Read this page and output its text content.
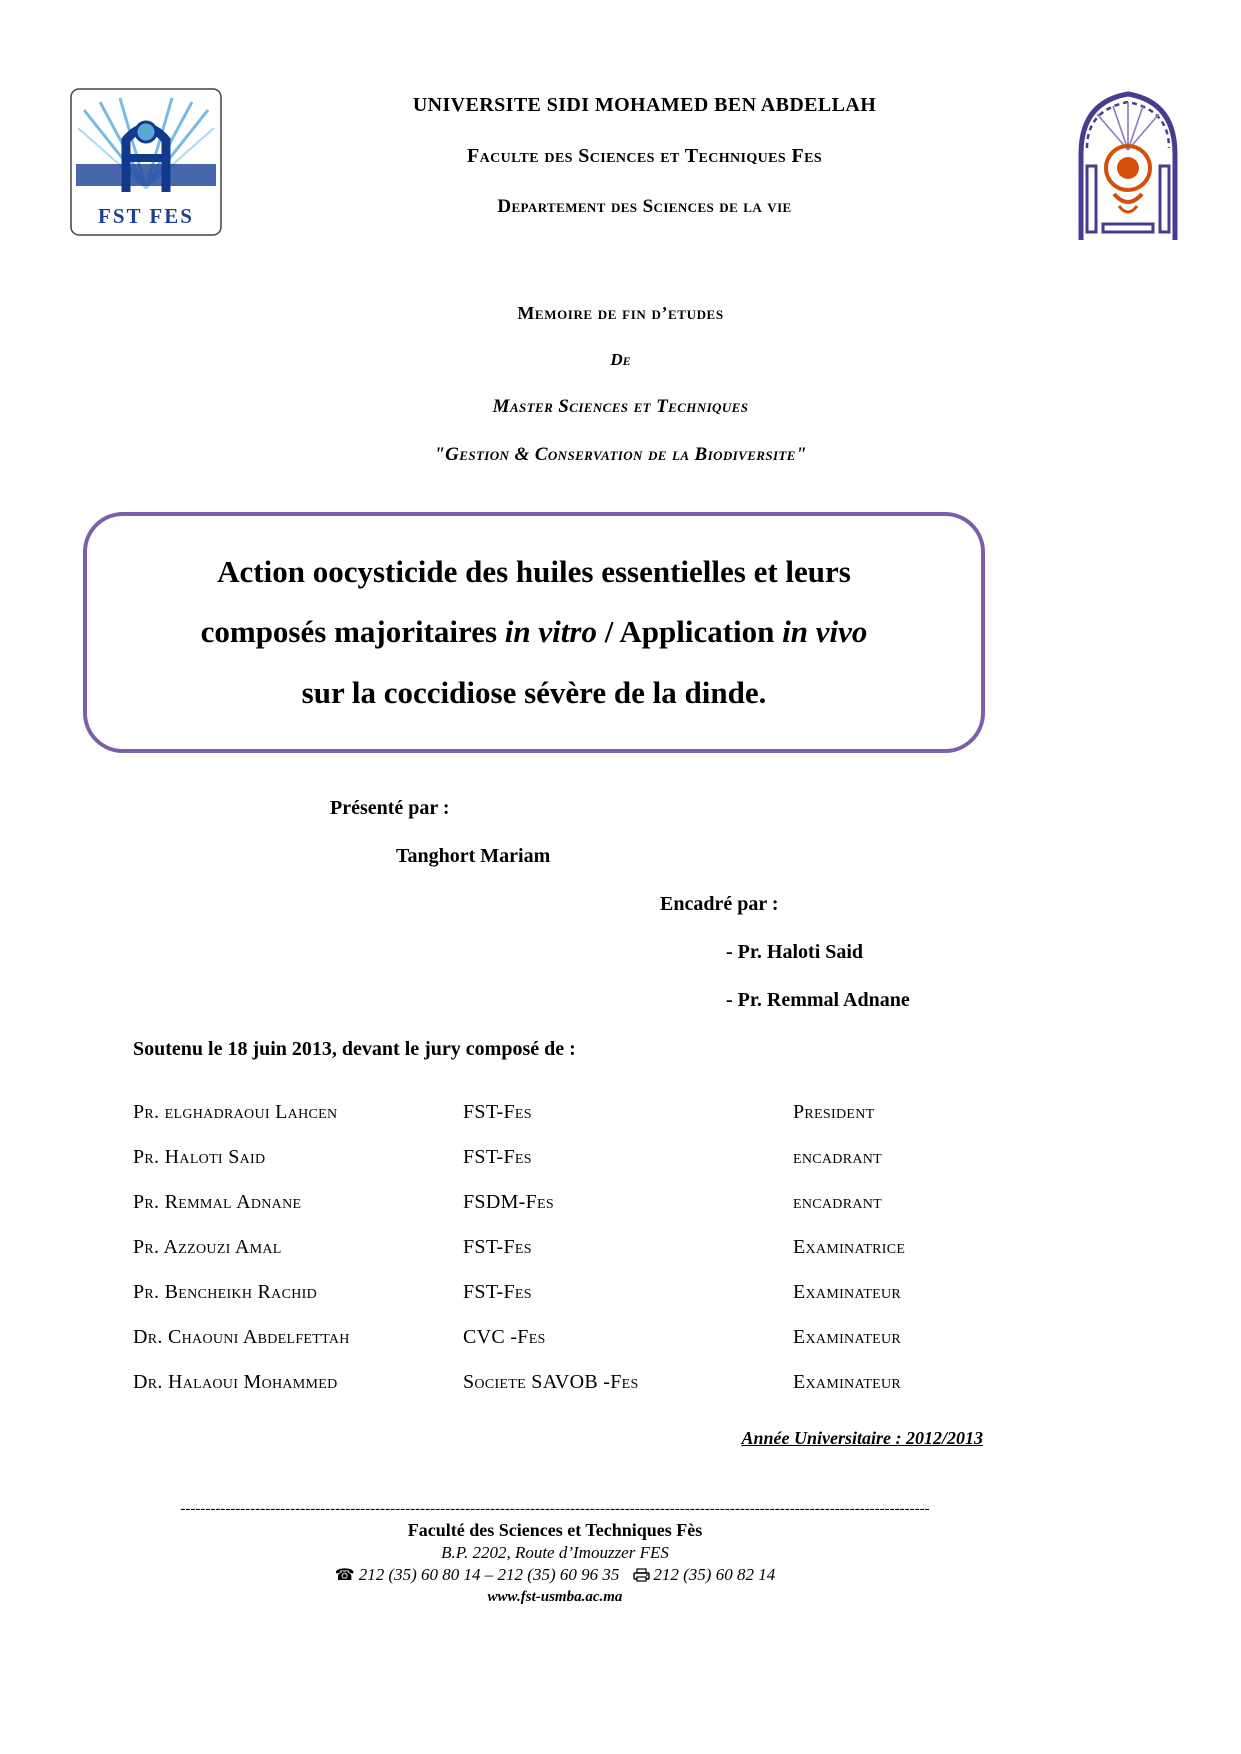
FST FES
UNIVERSITE SIDI MOHAMED BEN ABDELLAH
Faculte des Sciences et Techniques Fes
Departement des Sciences de la vie
Memoire de fin d’etudes
De
Master Sciences et Techniques
"Gestion & Conservation de la Biodiversite"
Action oocysticide des huiles essentielles et leurs
composés majoritaires in vitro / Application in vivo
sur la coccidiose sévère de la dinde.
Présenté par :
Tanghort Mariam
Encadré par :
- Pr. Haloti Said
- Pr. Remmal Adnane
Soutenu le 18 juin 2013, devant le jury composé de :
Pr. elghadraoui Lahcen	FST-Fes	President
Pr. Haloti Said	FST-Fes	encadrant
Pr. Remmal Adnane	FSDM-Fes	encadrant
Pr. Azzouzi Amal	FST-Fes	Examinatrice
Pr. Bencheikh Rachid	FST-Fes	Examinateur
Dr. Chaouni Abdelfettah	CVC -Fes	Examinateur
Dr. Halaoui Mohammed	Societe SAVOB -Fes	Examinateur
Année Universitaire : 2012/2013
------------------------------------------------------------------------------------------------------------------------------------------------------
Faculté des Sciences et Techniques Fès
B.P. 2202, Route d’Imouzzer FES
☎ 212 (35) 60 80 14 – 212 (35) 60 96 35 212 (35) 60 82 14
www.fst-usmba.ac.ma
